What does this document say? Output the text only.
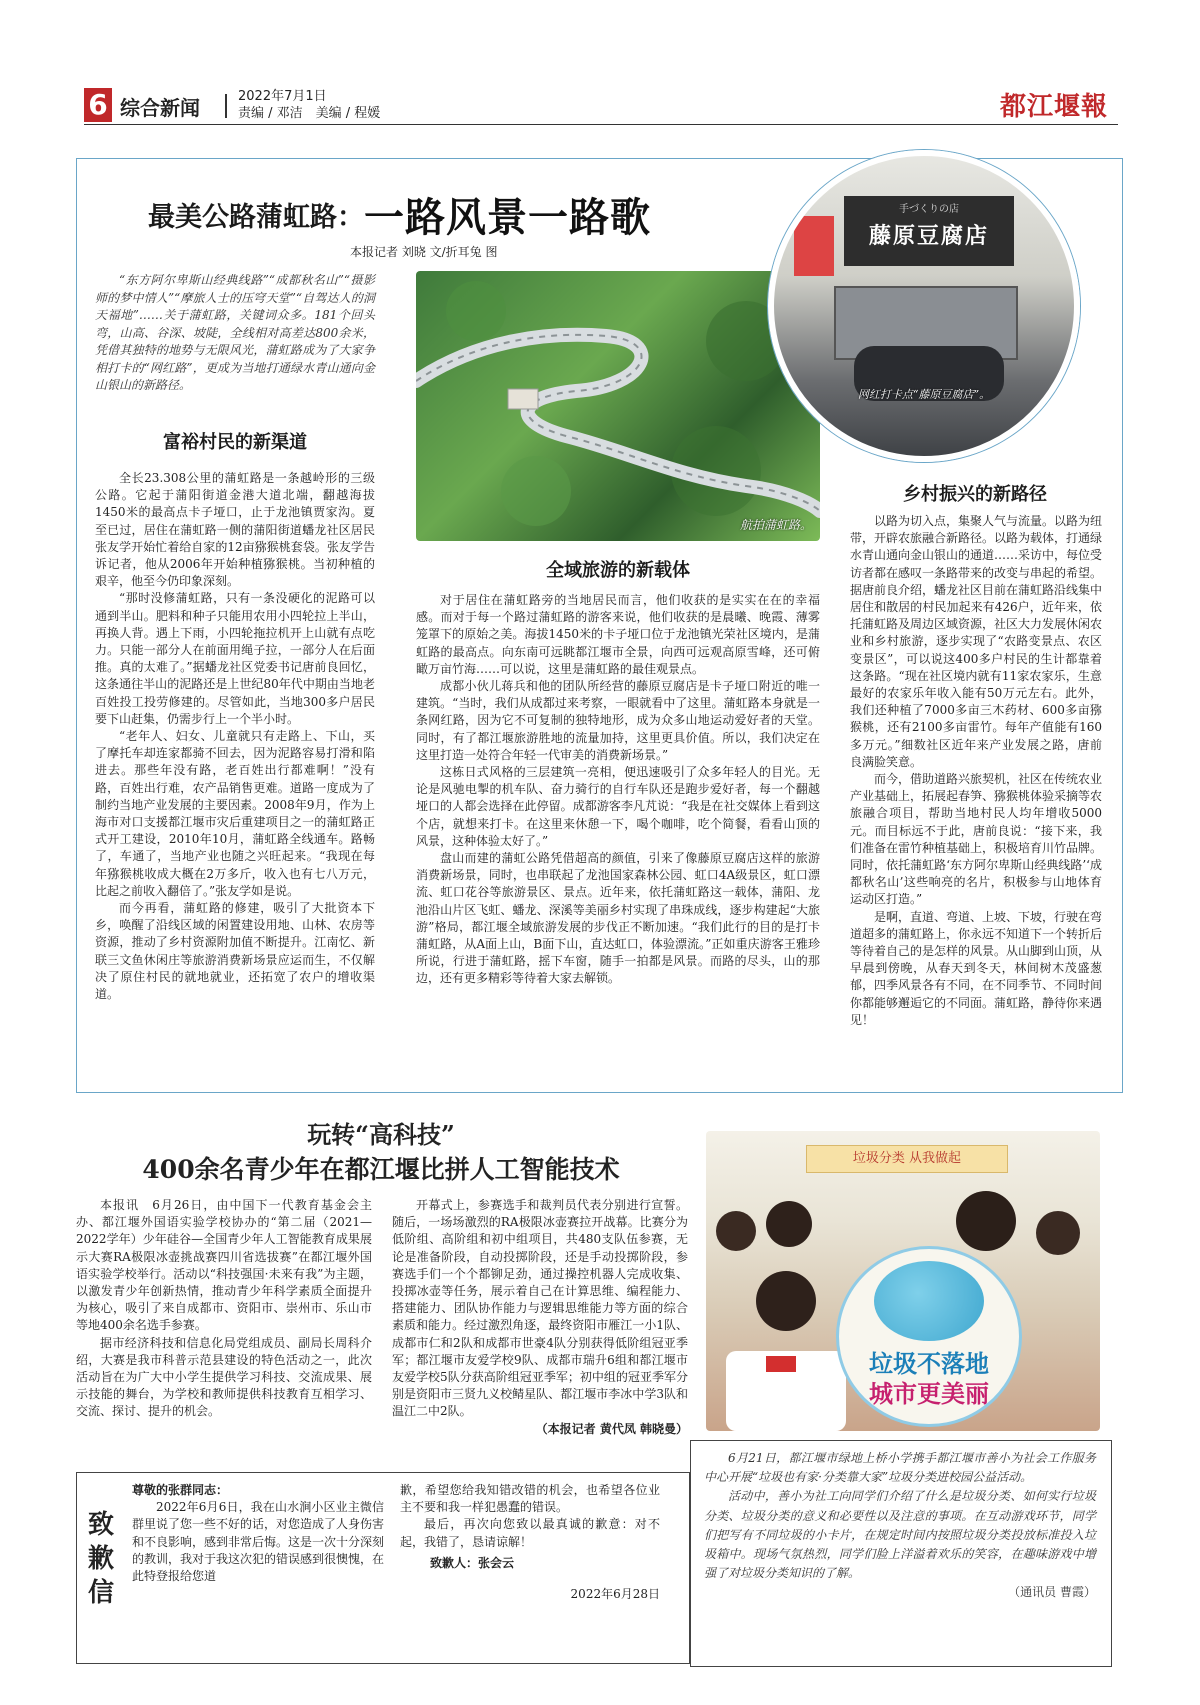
6 综合新闻	2022年7月1日
责编 / 邓洁　美编 / 程媛	都江堰報
最美公路蒲虹路：一路风景一路歌
本报记者 刘晓 文/折耳兔 图

“东方阿尔卑斯山经典线路”“成都秋名山”“摄影师的梦中情人”“摩旅人士的压穹天堂”“自驾达人的洞天福地”……关于蒲虹路，关键词众多。181个回头弯，山高、谷深、坡陡，全线相对高差达800余米，凭借其独特的地势与无限风光，蒲虹路成为了大家争相打卡的“网红路”，更成为当地打通绿水青山通向金山银山的新路径。

航拍蒲虹路。
手づくりの店
藤原豆腐店
网红打卡点“藤原豆腐店”。
富裕村民的新渠道

全长23.308公里的蒲虹路是一条越岭形的三级公路。它起于蒲阳街道金港大道北端，翻越海拔1450米的最高点卡子垭口，止于龙池镇贾家沟。夏至已过，居住在蒲虹路一侧的蒲阳街道蟠龙社区居民张友学开始忙着给自家的12亩猕猴桃套袋。张友学告诉记者，他从2006年开始种植猕猴桃。当初种植的艰辛，他至今仍印象深刻。

“那时没修蒲虹路，只有一条没硬化的泥路可以通到半山。肥料和种子只能用农用小四轮拉上半山，再换人背。遇上下雨，小四轮拖拉机开上山就有点吃力。只能一部分人在前面用绳子拉，一部分人在后面推。真的太难了。”据蟠龙社区党委书记唐前良回忆，这条通往半山的泥路还是上世纪80年代中期由当地老百姓投工投劳修建的。尽管如此，当地300多户居民要下山赶集，仍需步行上一个半小时。

“老年人、妇女、儿童就只有走路上、下山，买了摩托车却连家都骑不回去，因为泥路容易打滑和陷进去。那些年没有路，老百姓出行都难啊！”没有路，百姓出行难，农产品销售更难。道路一度成为了制约当地产业发展的主要因素。2008年9月，作为上海市对口支援都江堰市灾后重建项目之一的蒲虹路正式开工建设，2010年10月，蒲虹路全线通车。路畅了，车通了，当地产业也随之兴旺起来。“我现在每年猕猴桃收成大概在2万多斤，收入也有七八万元，比起之前收入翻倍了。”张友学如是说。

而今再看，蒲虹路的修建，吸引了大批资本下乡，唤醒了沿线区域的闲置建设用地、山林、农房等资源，推动了乡村资源附加值不断提升。江南忆、新联三文鱼休闲庄等旅游消费新场景应运而生，不仅解决了原住村民的就地就业，还拓宽了农户的增收渠道。

全域旅游的新载体

对于居住在蒲虹路旁的当地居民而言，他们收获的是实实在在的幸福感。而对于每一个路过蒲虹路的游客来说，他们收获的是晨曦、晚霞、薄雾笼罩下的原始之美。海拔1450米的卡子垭口位于龙池镇光荣社区境内，是蒲虹路的最高点。向东南可远眺都江堰市全景，向西可远观高原雪峰，还可俯瞰万亩竹海……可以说，这里是蒲虹路的最佳观景点。

成都小伙儿蒋兵和他的团队所经营的藤原豆腐店是卡子垭口附近的唯一建筑。“当时，我们从成都过来考察，一眼就看中了这里。蒲虹路本身就是一条网红路，因为它不可复制的独特地形，成为众多山地运动爱好者的天堂。同时，有了都江堰旅游胜地的流量加持，这里更具价值。所以，我们决定在这里打造一处符合年轻一代审美的消费新场景。”

这栋日式风格的三层建筑一亮相，便迅速吸引了众多年轻人的目光。无论是风驰电掣的机车队、奋力骑行的自行车队还是跑步爱好者，每一个翻越垭口的人都会选择在此停留。成都游客李凡芃说：“我是在社交媒体上看到这个店，就想来打卡。在这里来休憩一下，喝个咖啡，吃个简餐，看看山顶的风景，这种体验太好了。”

盘山而建的蒲虹公路凭借超高的颜值，引来了像藤原豆腐店这样的旅游消费新场景，同时，也串联起了龙池国家森林公园、虹口4A级景区，虹口漂流、虹口花谷等旅游景区、景点。近年来，依托蒲虹路这一载体，蒲阳、龙池沿山片区飞虹、蟠龙、深溪等美丽乡村实现了串珠成线，逐步构建起“大旅游”格局，都江堰全域旅游发展的步伐正不断加速。“我们此行的目的是打卡蒲虹路，从A面上山，B面下山，直达虹口，体验漂流。”正如重庆游客王雅珍所说，行进于蒲虹路，摇下车窗，随手一拍都是风景。而路的尽头，山的那边，还有更多精彩等待着大家去解锁。

乡村振兴的新路径

以路为切入点，集聚人气与流量。以路为纽带，开辟农旅融合新路径。以路为载体，打通绿水青山通向金山银山的通道……采访中，每位受访者都在感叹一条路带来的改变与串起的希望。据唐前良介绍，蟠龙社区目前在蒲虹路沿线集中居住和散居的村民加起来有426户，近年来，依托蒲虹路及周边区域资源，社区大力发展休闲农业和乡村旅游，逐步实现了“农路变景点、农区变景区”，可以说这400多户村民的生计都靠着这条路。“现在社区境内就有11家农家乐，生意最好的农家乐年收入能有50万元左右。此外，我们还种植了7000多亩三木药材、600多亩猕猴桃，还有2100多亩雷竹。每年产值能有160多万元。”细数社区近年来产业发展之路，唐前良满脸笑意。

而今，借助道路兴旅契机，社区在传统农业产业基础上，拓展起春笋、猕猴桃体验采摘等农旅融合项目，帮助当地村民人均年增收5000元。而目标远不于此，唐前良说：“接下来，我们准备在雷竹种植基础上，积极培育川竹品牌。同时，依托蒲虹路‘东方阿尔卑斯山经典线路’‘成都秋名山’这些响亮的名片，积极参与山地体育运动区打造。”

是啊，直道、弯道、上坡、下坡，行驶在弯道超多的蒲虹路上，你永远不知道下一个转折后等待着自己的是怎样的风景。从山脚到山顶，从早晨到傍晚，从春天到冬天，林间树木茂盛葱郁，四季风景各有不同，在不同季节、不同时间你都能够邂逅它的不同面。蒲虹路，静待你来遇见！

玩转“高科技”
400余名青少年在都江堰比拼人工智能技术

本报讯　6月26日，由中国下一代教育基金会主办、都江堰外国语实验学校协办的“第二届（2021—2022学年）少年硅谷—全国青少年人工智能教育成果展示大赛RA极限冰壶挑战赛四川省选拔赛”在都江堰外国语实验学校举行。活动以“科技强国·未来有我”为主题，以激发青少年创新热情，推动青少年科学素质全面提升为核心，吸引了来自成都市、资阳市、崇州市、乐山市等地400余名选手参赛。

据市经济科技和信息化局党组成员、副局长周科介绍，大赛是我市科普示范县建设的特色活动之一，此次活动旨在为广大中小学生提供学习科技、交流成果、展示技能的舞台，为学校和教师提供科技教育互相学习、交流、探讨、提升的机会。

开幕式上，参赛选手和裁判员代表分别进行宣誓。随后，一场场激烈的RA极限冰壶赛拉开战幕。比赛分为低阶组、高阶组和初中组项目，共480支队伍参赛，无论是准备阶段，自动投掷阶段，还是手动投掷阶段，参赛选手们一个个都铆足劲，通过操控机器人完成收集、投掷冰壶等任务，展示着自己在计算思维、编程能力、搭建能力、团队协作能力与逻辑思维能力等方面的综合素质和能力。经过激烈角逐，最终资阳市雁江一小1队、成都市仁和2队和成都市世豪4队分别获得低阶组冠亚季军；都江堰市友爱学校9队、成都市瑞升6组和都江堰市友爱学校5队分获高阶组冠亚季军；初中组的冠亚季军分别是资阳市三贤九义校鲭星队、都江堰市李冰中学3队和温江二中2队。

（本报记者 黄代凤 韩晓曼）
致歉信
尊敬的张群同志：

2022年6月6日，我在山水涧小区业主微信群里说了您一些不好的话，对您造成了人身伤害和不良影响，感到非常后悔。这是一次十分深刻的教训，我对于我这次犯的错误感到很懊愧，在此特登报给您道

歉，希望您给我知错改错的机会，也希望各位业主不要和我一样犯愚蠢的错误。

最后，再次向您致以最真诚的歉意：对不起，我错了，恳请谅解！

致歉人：张会云
2022年6月28日
垃圾分类 从我做起
垃圾不落地
城市更美丽

6月21日，都江堰市绿地上桥小学携手都江堰市善小为社会工作服务中心开展“垃圾也有家·分类靠大家”垃圾分类进校园公益活动。

活动中，善小为社工向同学们介绍了什么是垃圾分类、如何实行垃圾分类、垃圾分类的意义和必要性以及注意的事项。在互动游戏环节，同学们把写有不同垃圾的小卡片，在规定时间内按照垃圾分类投放标准投入垃圾箱中。现场气氛热烈，同学们脸上洋溢着欢乐的笑容，在趣味游戏中增强了对垃圾分类知识的了解。

（通讯员 曹霞）
